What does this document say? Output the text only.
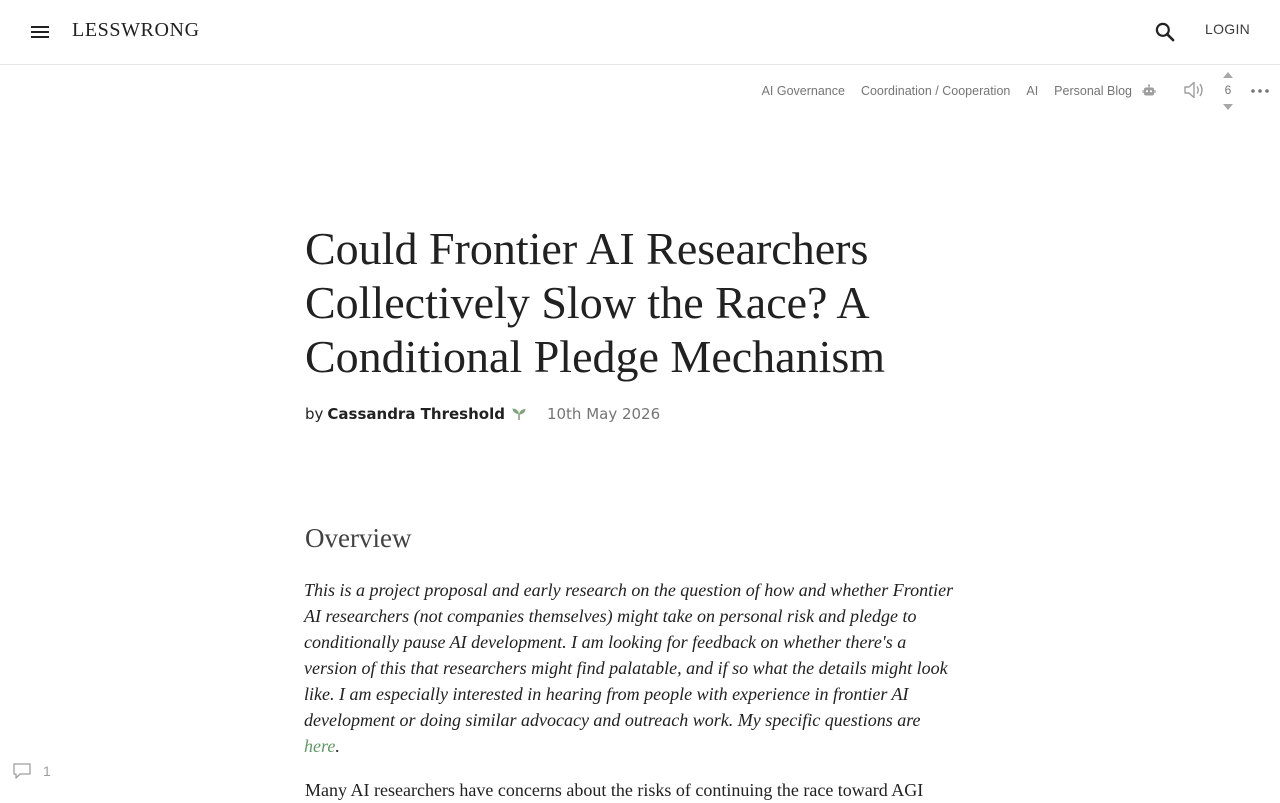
LESSWRONG	LOGIN
AI Governance Coordination / Cooperation AI Personal Blog	6
Could Frontier AI Researchers Collectively Slow the Race? A Conditional Pledge Mechanism
by Cassandra Threshold	10th May 2026
Overview

This is a project proposal and early research on the question of how and whether Frontier AI researchers (not companies themselves) might take on personal risk and pledge to conditionally pause AI development. I am looking for feedback on whether there's a version of this that researchers might find palatable, and if so what the details might look like. I am especially interested in hearing from people with experience in frontier AI development or doing similar advocacy and outreach work. My specific questions are here.

Many AI researchers have concerns about the risks of continuing the race toward AGI

1
